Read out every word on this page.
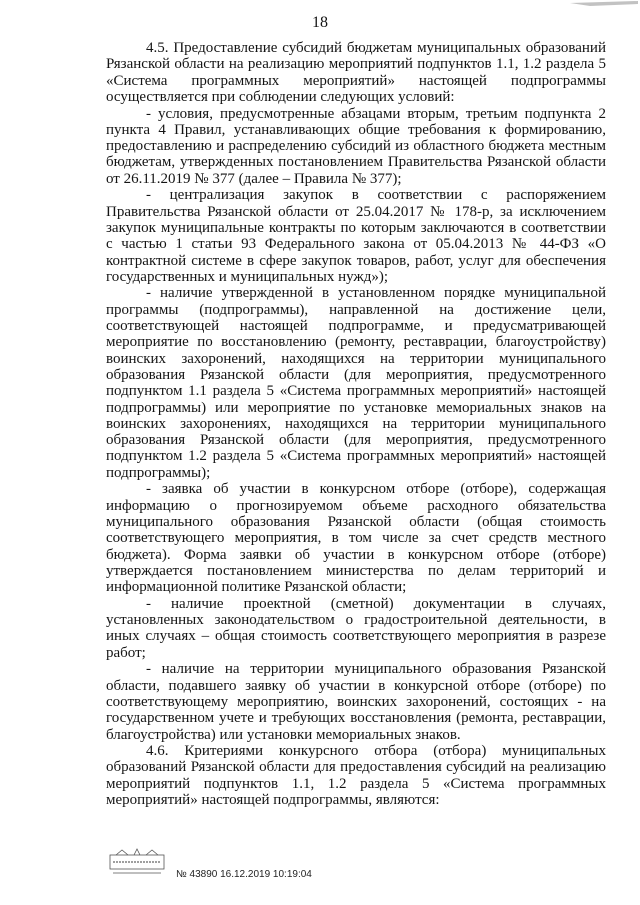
18

4.5. Предоставление субсидий бюджетам муниципальных образований Рязанской области на реализацию мероприятий подпунктов 1.1, 1.2 раздела 5 «Система программных мероприятий» настоящей подпрограммы осуществляется при соблюдении следующих условий:

- условия, предусмотренные абзацами вторым, третьим подпункта 2 пункта 4 Правил, устанавливающих общие требования к формированию, предоставлению и распределению субсидий из областного бюджета местным бюджетам, утвержденных постановлением Правительства Рязанской области от 26.11.2019 № 377 (далее – Правила № 377);

- централизация закупок в соответствии с распоряжением Правительства Рязанской области от 25.04.2017 № 178-р, за исключением закупок муниципальные контракты по которым заключаются в соответствии с частью 1 статьи 93 Федерального закона от 05.04.2013 № 44-ФЗ «О контрактной системе в сфере закупок товаров, работ, услуг для обеспечения государственных и муниципальных нужд»);

- наличие утвержденной в установленном порядке муниципальной программы (подпрограммы), направленной на достижение цели, соответствующей настоящей подпрограмме, и предусматривающей мероприятие по восстановлению (ремонту, реставрации, благоустройству) воинских захоронений, находящихся на территории муниципального образования Рязанской области (для мероприятия, предусмотренного подпунктом 1.1 раздела 5 «Система программных мероприятий» настоящей подпрограммы) или мероприятие по установке мемориальных знаков на воинских захоронениях, находящихся на территории муниципального образования Рязанской области (для мероприятия, предусмотренного подпунктом 1.2 раздела 5 «Система программных мероприятий» настоящей подпрограммы);

- заявка об участии в конкурсном отборе (отборе), содержащая информацию о прогнозируемом объеме расходного обязательства муниципального образования Рязанской области (общая стоимость соответствующего мероприятия, в том числе за счет средств местного бюджета). Форма заявки об участии в конкурсном отборе (отборе) утверждается постановлением министерства по делам территорий и информационной политике Рязанской области;

- наличие проектной (сметной) документации в случаях, установленных законодательством о градостроительной деятельности, в иных случаях – общая стоимость соответствующего мероприятия в разрезе работ;

- наличие на территории муниципального образования Рязанской области, подавшего заявку об участии в конкурсной отборе (отборе) по соответствующему мероприятию, воинских захоронений, состоящих - на государственном учете и требующих восстановления (ремонта, реставрации, благоустройства) или установки мемориальных знаков.

4.6. Критериями конкурсного отбора (отбора) муниципальных образований Рязанской области для предоставления субсидий на реализацию мероприятий подпунктов 1.1, 1.2 раздела 5 «Система программных мероприятий» настоящей подпрограммы, являются:

№ 43890 16.12.2019 10:19:04
